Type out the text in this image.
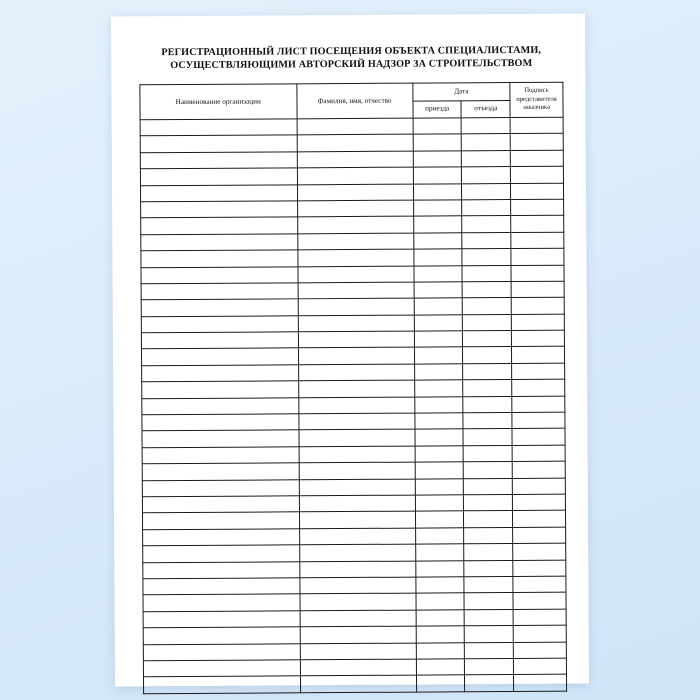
РЕГИСТРАЦИОННЫЙ ЛИСТ ПОСЕЩЕНИЯ ОБЪЕКТА СПЕЦИАЛИСТАМИ,
ОСУЩЕСТВЛЯЮЩИМИ АВТОРСКИЙ НАДЗОР ЗА СТРОИТЕЛЬСТВОМ
Наименование организации	Фамилия, имя, отчество	Дата		Подпись представителя заказчика
		приезда	отъезда	
